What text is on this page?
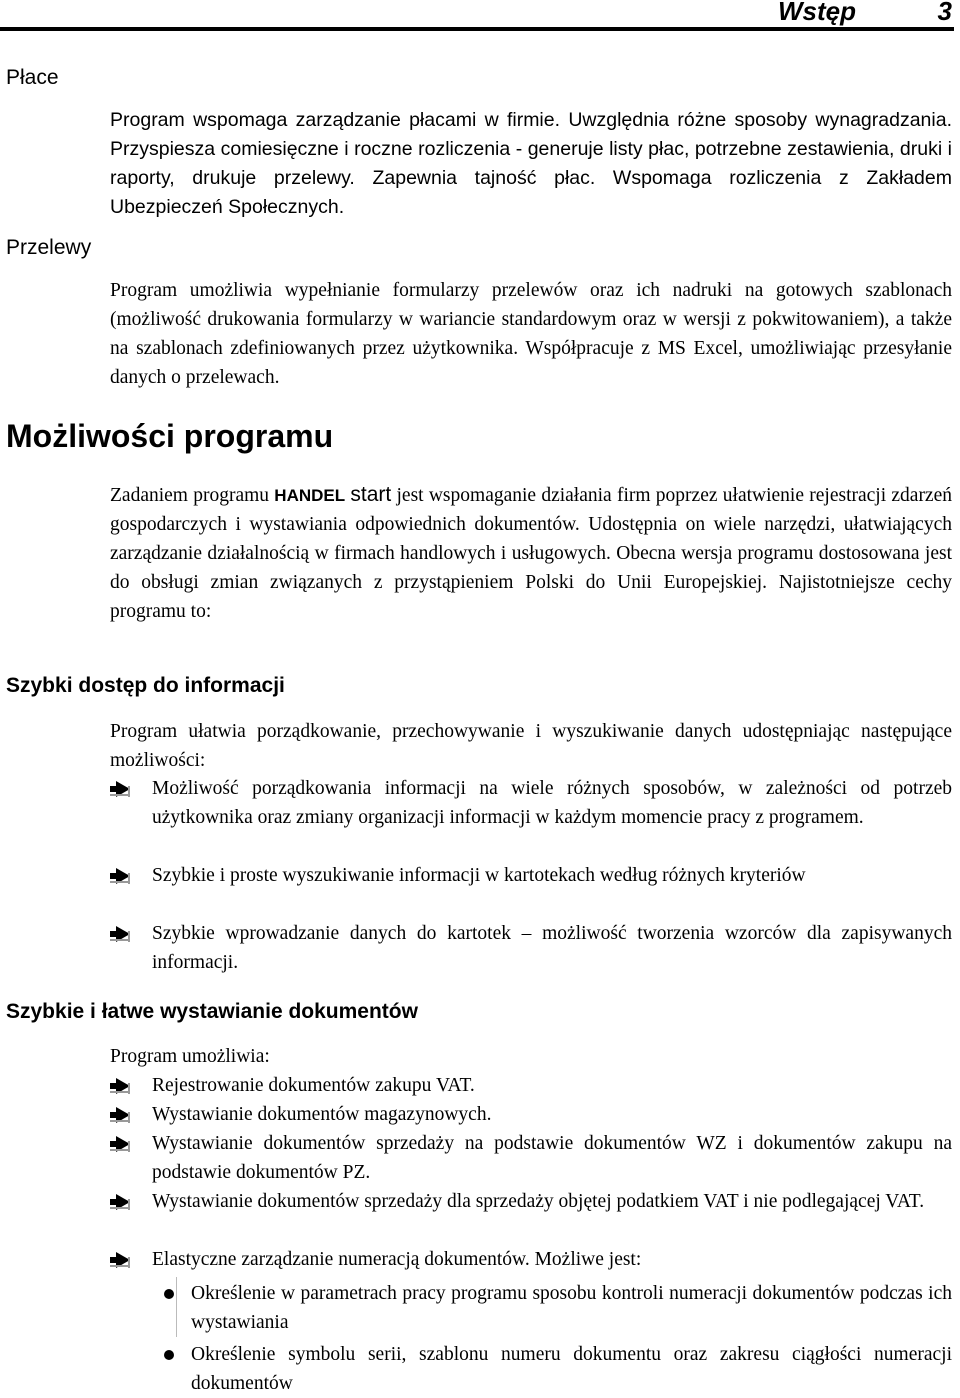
Wstęp	3
Płace
Program wspomaga zarządzanie płacami w firmie. Uwzględnia różne sposoby wynagradzania. Przyspiesza comiesięczne i roczne rozliczenia - generuje listy płac, potrzebne zestawienia, druki i raporty, drukuje przelewy. Zapewnia tajność płac. Wspomaga rozliczenia z Zakładem Ubezpieczeń Społecznych.
Przelewy
Program umożliwia wypełnianie formularzy przelewów oraz ich nadruki na gotowych szablonach (możliwość drukowania formularzy w wariancie standardowym oraz w wersji z pokwitowaniem), a także na szablonach zdefiniowanych przez użytkownika. Współpracuje z MS Excel, umożliwiając przesyłanie danych o przelewach.
Możliwości programu
Zadaniem programu HANDEL start jest wspomaganie działania firm poprzez ułatwienie rejestracji zdarzeń gospodarczych i wystawiania odpowiednich dokumentów. Udostępnia on wiele narzędzi, ułatwiających zarządzanie działalnością w firmach handlowych i usługowych. Obecna wersja programu dostosowana jest do obsługi zmian związanych z przystąpieniem Polski do Unii Europejskiej. Najistotniejsze cechy programu to:
Szybki dostęp do informacji
Program ułatwia porządkowanie, przechowywanie i wyszukiwanie danych udostępniając następujące możliwości:
Możliwość porządkowania informacji na wiele różnych sposobów, w zależności od potrzeb użytkownika oraz zmiany organizacji informacji w każdym momencie pracy z programem.
Szybkie i proste wyszukiwanie informacji w kartotekach według różnych kryteriów
Szybkie wprowadzanie danych do kartotek – możliwość tworzenia wzorców dla zapisywanych informacji.
Szybkie i łatwe wystawianie dokumentów
Program umożliwia:
Rejestrowanie dokumentów zakupu VAT.
Wystawianie dokumentów magazynowych.
Wystawianie dokumentów sprzedaży na podstawie dokumentów WZ i dokumentów zakupu na podstawie dokumentów PZ.
Wystawianie dokumentów sprzedaży dla sprzedaży objętej podatkiem VAT i nie podlegającej VAT.
Elastyczne zarządzanie numeracją dokumentów. Możliwe jest:
Określenie w parametrach pracy programu sposobu kontroli numeracji dokumentów podczas ich wystawiania
Określenie symbolu serii, szablonu numeru dokumentu oraz zakresu ciągłości numeracji dokumentów
